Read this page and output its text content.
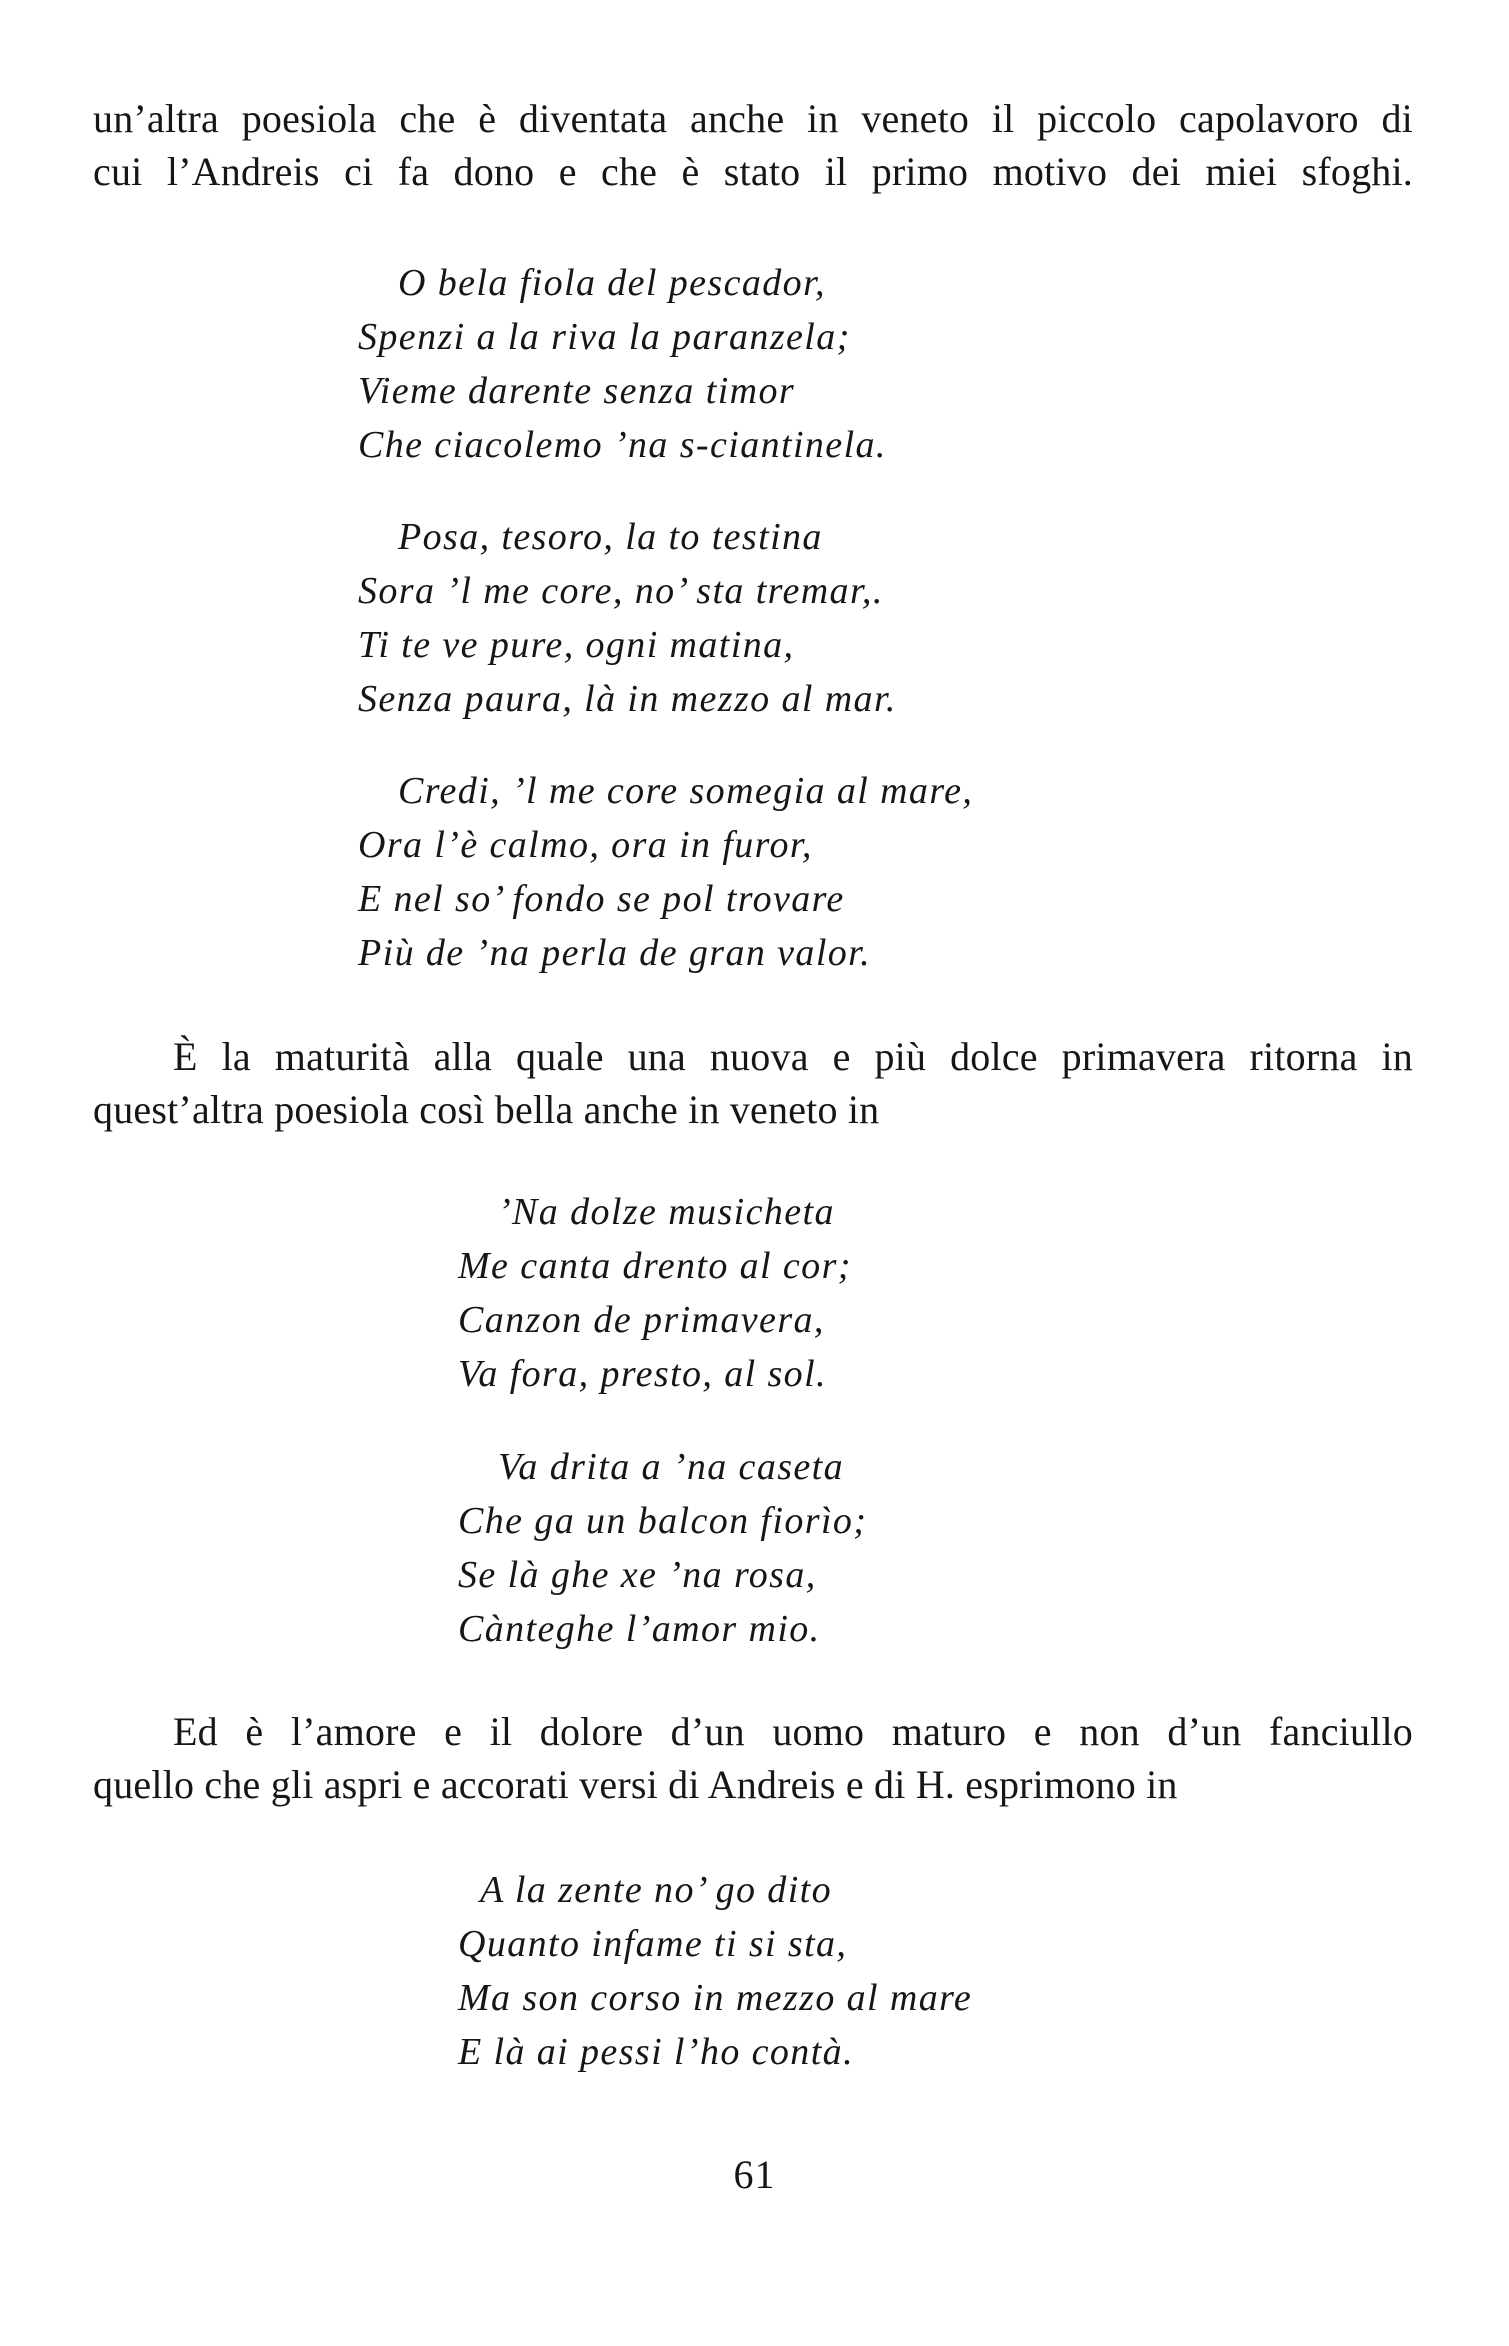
un’altra poesiola che è diventata anche in veneto il piccolo capolavoro di
cui l’Andreis ci fa dono e che è stato il primo motivo dei miei sfoghi.

O bela fiola del pescador,
Spenzi a la riva la paranzela;
Vieme darente senza timor
Che ciacolemo ’na s-ciantinela.
Posa, tesoro, la to testina
Sora ’l me core, no’ sta tremar,.
Ti te ve pure, ogni matina,
Senza paura, là in mezzo al mar.
Credi, ’l me core somegia al mare,
Ora l’è calmo, ora in furor,
E nel so’ fondo se pol trovare
Più de ’na perla de gran valor.

È la maturità alla quale una nuova e più dolce primavera ritorna in
quest’altra poesiola così bella anche in veneto in

’Na dolze musicheta
Me canta drento al cor;
Canzon de primavera,
Va fora, presto, al sol.
Va drita a ’na caseta
Che ga un balcon fiorìo;
Se là ghe xe ’na rosa,
Cànteghe l’amor mio.

Ed è l’amore e il dolore d’un uomo maturo e non d’un fanciullo
quello che gli aspri e accorati versi di Andreis e di H. esprimono in

A la zente no’ go dito
Quanto infame ti si sta,
Ma son corso in mezzo al mare
E là ai pessi l’ho contà.
61
